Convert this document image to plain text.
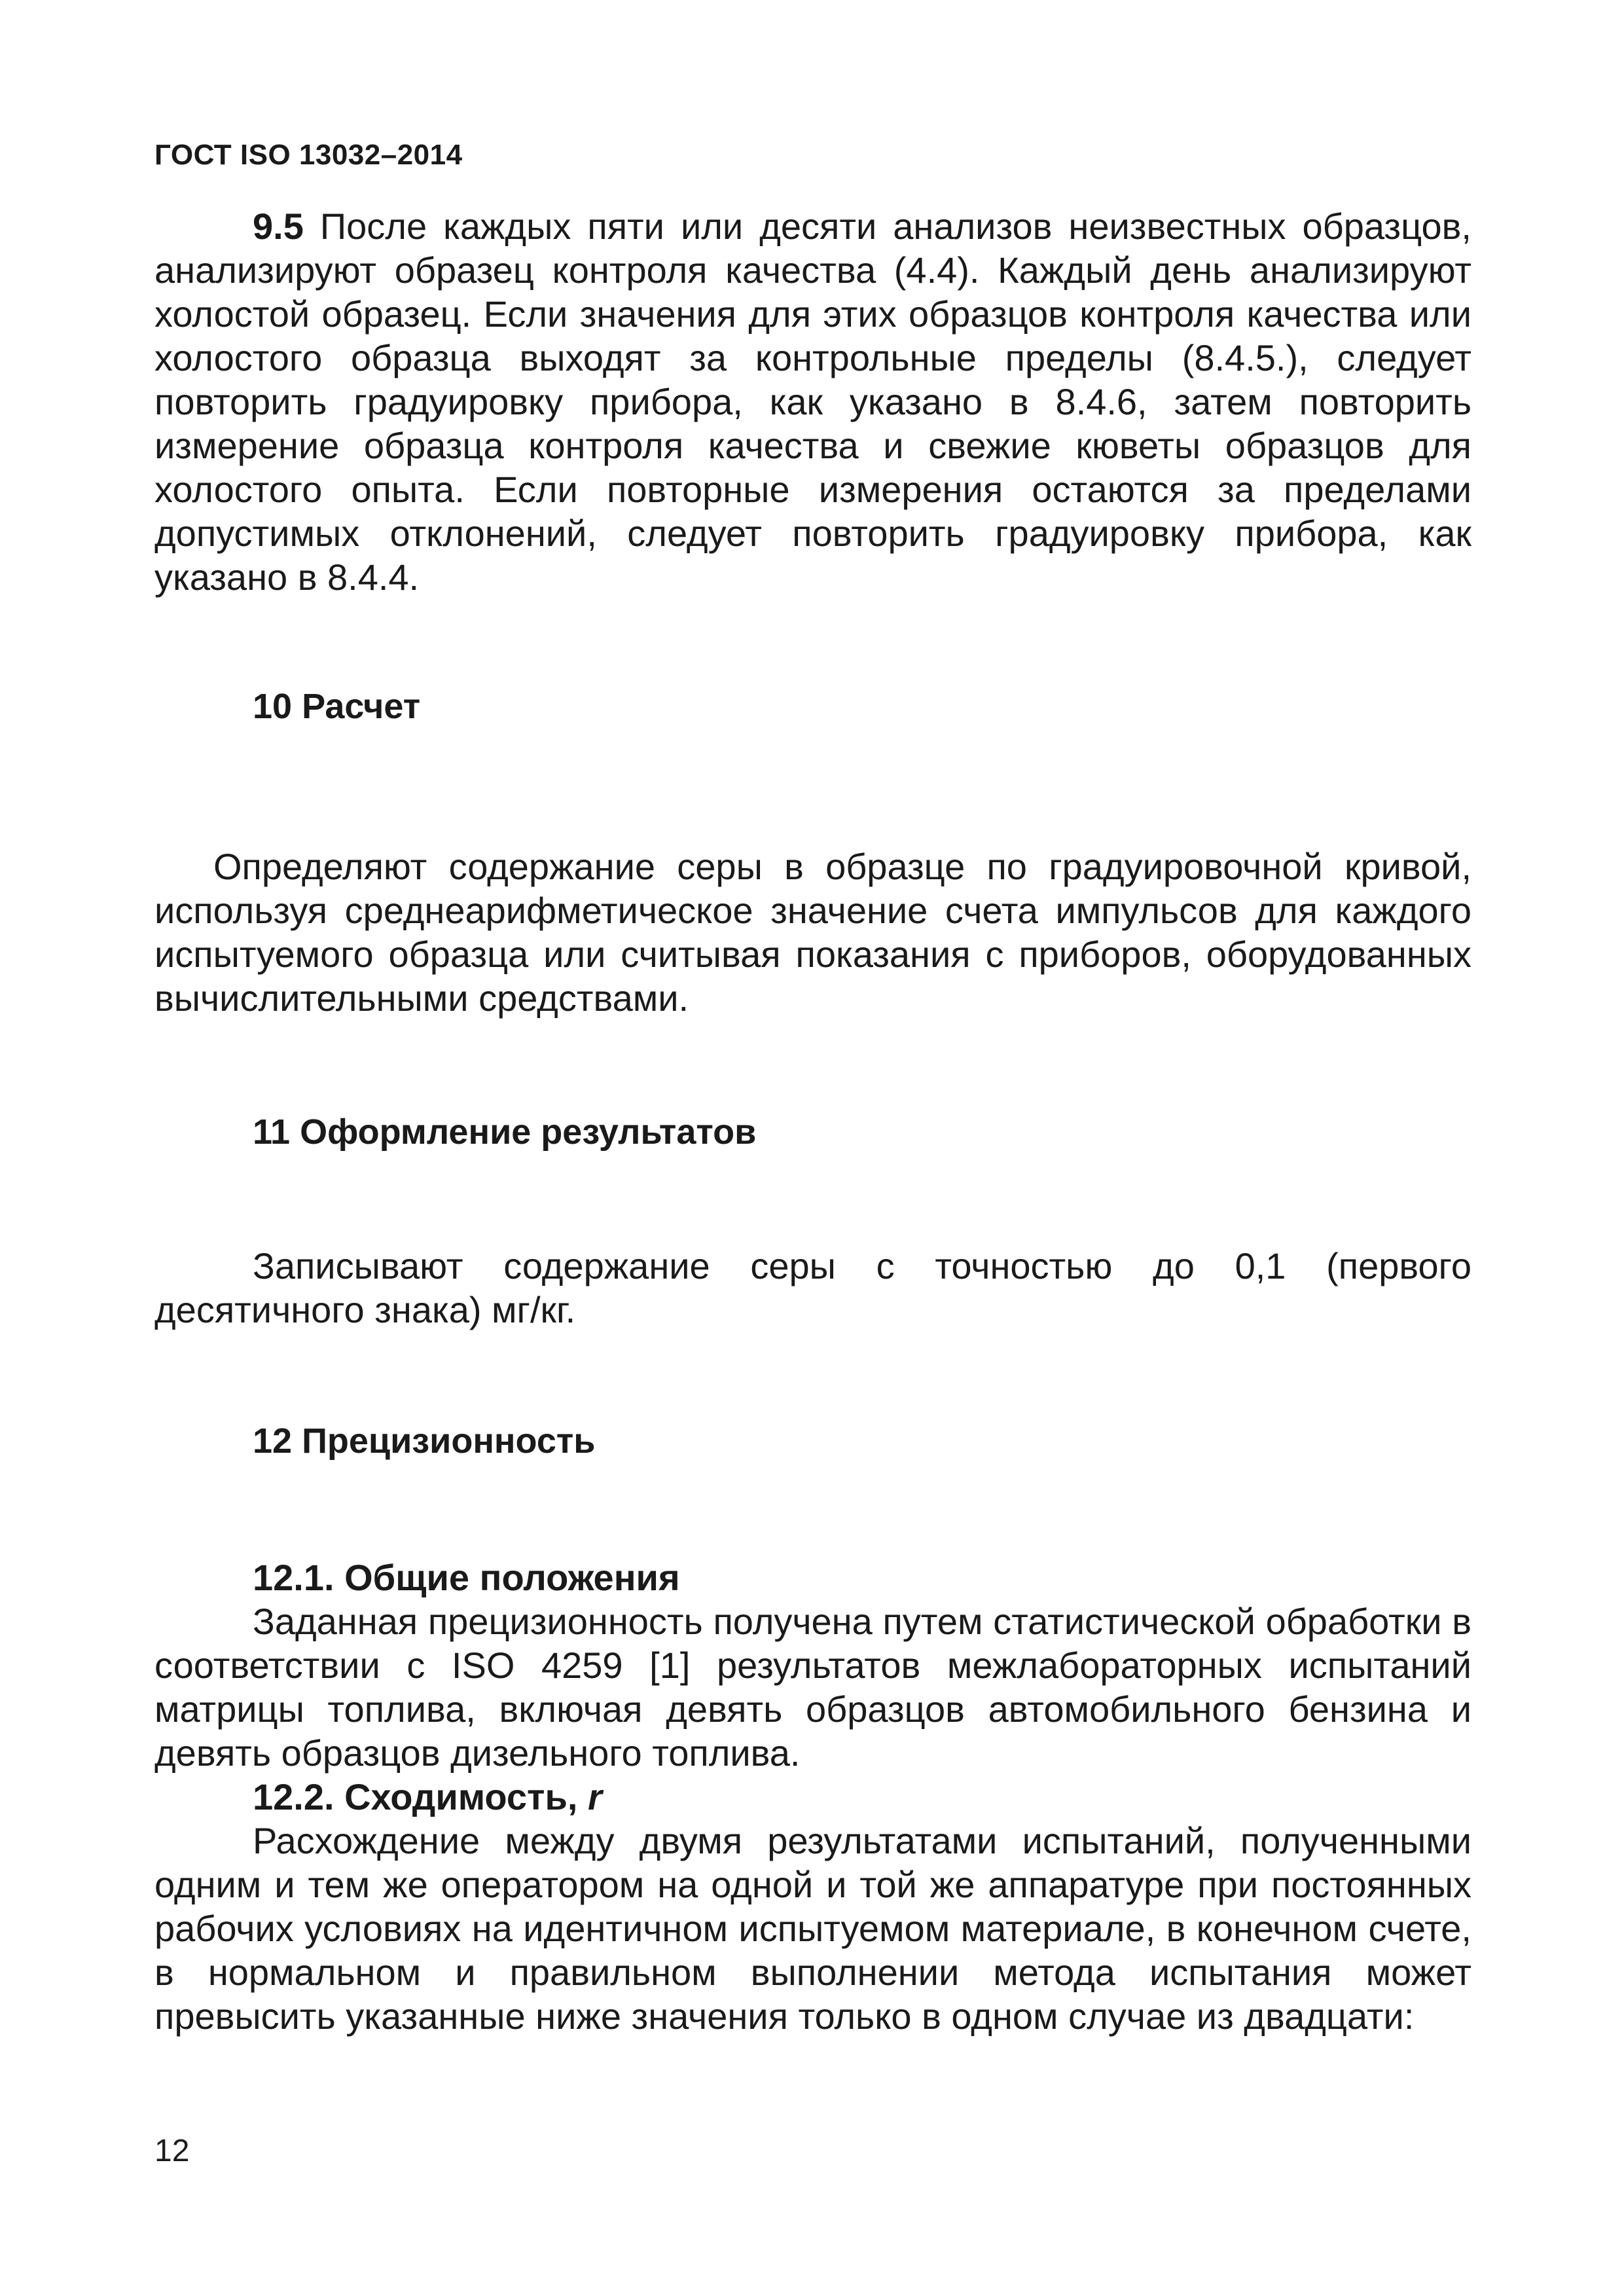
ГОСТ ISO 13032–2014

9.5 После каждых пяти или десяти анализов неизвестных образцов, анализируют образец контроля качества (4.4). Каждый день анализируют холостой образец. Если значения для этих образцов контроля качества или холостого образца выходят за контрольные пределы (8.4.5.), следует повторить градуировку прибора, как указано в 8.4.6, затем повторить измерение образца контроля качества и свежие кюветы образцов для холостого опыта. Если повторные измерения остаются за пределами допустимых отклонений, следует повторить градуировку прибора, как указано в 8.4.4.

10 Расчет

Определяют содержание серы в образце по градуировочной кривой, используя среднеарифметическое значение счета импульсов для каждого испытуемого образца или считывая показания с приборов, оборудованных вычислительными средствами.

11 Оформление результатов

Записывают содержание серы с точностью до 0,1 (первого десятичного знака) мг/кг.

12 Прецизионность
12.1. Общие положения

Заданная прецизионность получена путем статистической обработки в соответствии с ISO 4259 [1] результатов межлабораторных испытаний матрицы топлива, включая девять образцов автомобильного бензина и девять образцов дизельного топлива.

12.2. Сходимость, r

Расхождение между двумя результатами испытаний, полученными одним и тем же оператором на одной и той же аппаратуре при постоянных рабочих условиях на идентичном испытуемом материале, в конечном счете, в нормальном и правильном выполнении метода испытания может превысить указанные ниже значения только в одном случае из двадцати:

12
